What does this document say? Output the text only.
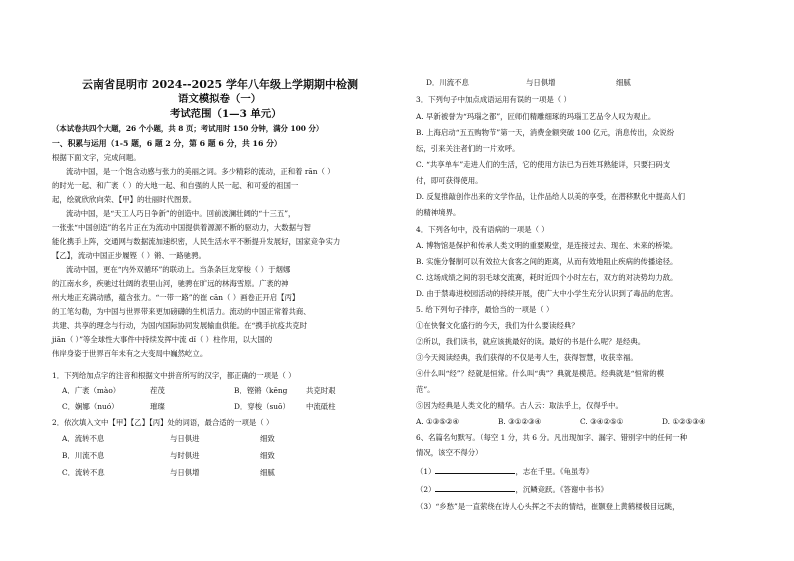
云南省昆明市 2024--2025 学年八年级上学期期中检测
语文模拟卷（一）
考试范围（1—3 单元）
（本试卷共四个大题，26 个小题，共 8 页；考试用时 150 分钟，满分 100 分）
一、积累与运用（1-5 题，6 题 2 分，第 6 题 6 分，共 16 分）
根据下面文字，完成问题。
流动中国，是一个饱含动感与张力的美丽之词。多少精彩的流动，正和着 rān（ ）
的时光一起、和广袤（ ）的大地一起、和自强的人民一起、和可爱的祖国一
起，绘就欣欣向荣、【甲】的壮丽时代图景。
流动中国，是“天工人巧日争新”的创造中。回前波澜壮阔的“十三五”，
一张张“中国创造”的名片正在为流动中国提供着源源不断的驱动力，大数据与智
能化携手上阵，交通网与数据流加速织密，人民生活水平不断提升发展好，国家竞争实力
【乙】，流动中国正步履铿（ ）锵、一路驰骋。
流动中国，更在“内外双循环”的联动上。当条条巨龙穿梭（ ）于烟娜
的江南水乡，疾驰过壮阔的表里山河，驰骋在旷远的林海雪原。广袤的神
州大地正充满动感，蕴含张力。“一带一路”的崔 cān（ ）画卷正开启【丙】
的工笔勾勒，为中国与世界带来更加磅礴的生机活力。流动的中国正常着共商、
共建、共享的理念与行动，为国内国际协同发展输血供能。在“携手抗疫共克时
jiān（ ）”等全球性大事件中持续发挥中流 dǐ（ ）柱作用，以大国的
伟岸身姿于世界百年未有之大变局中巍然屹立。
1．下列给加点字的注音和根据文中拼音所写的汉字，都正确的一项是（ ）
A．广袤（mào）	茬茂	B．铿锵（kēng	共克时艰
C．娴娜（nuó）	璀璨	D．穿梭（suō） 中流砥柱
2．依次填入文中【甲】【乙】【丙】处的词语，最合适的一项是（ ）
A．流转不息	与日俱进	细致
B．川流不息	与时俱进	细致
C．流转不息	与日俱增	细腻
D．川流不息	与日俱增	细腻
3．下列句子中加点成语运用有误的一项是（ ）
A. 早新被誉为“玛瑙之都”，匠师们精雕细琢的玛瑙工艺品令人叹为观止。
B. 上海启动“五五购物节”第一天，消费金额突破 100 亿元，消息传出，众说纷
纭，引来关注者们的一片欢呼。
C. “共享单车”走进人们的生活，它的使用方法已为百姓耳熟能详，只要扫码支
付，即可获得使用。
D. 反复推敲创作出来的文学作品，让作品给人以美的享受，在潜移默化中提高人们
的精神境界。
4．下列各句中，没有语病的一项是（ ）
A. 博物馆是保护和传承人类文明的重要殿堂，是连接过去、现在、未来的桥梁。
B. 实施分餐制可以有效拉大食客之间的距离，从而有效地阻止疾病的传播途径。
C. 这场成绩之间的羽毛球交流赛，耗时近四个小时左右，双方的对决势均力敌。
D. 由于禁毒进校园活动的持续开展，使广大中小学生充分认识到了毒品的危害。
5. 给下列句子排序，最恰当的一项是（ ）
①在快餐文化盛行的今天，我们为什么要读经典？
②所以，我们读书，就应该挑最好的读。最好的书是什么呢？是经典。
③今天阅读经典，我们获得的不仅是考人生，获得智慧，收获幸福。
④什么叫“经”？经就是恒常。什么叫“典”？典就是模范。经典就是“恒常的模
范”。
⑤因为经典是人类文化的精华。古人云：取法乎上，仅得乎中。
A. ①③⑤②④	B. ③①②③④	C. ③④②⑤①	D. ①②⑤③④
6、名篇名句默写。（每空 1 分，共 6 分。凡出现加字、漏字、错别字中的任何一种
情况，该空不得分）
（1）	，志在千里。《龟虽寿》
（2）	，沉鳞竞跃。《答谢中书书》
（3）“乡愁”是一直萦绕在诗人心头挥之不去的情结，崔颢登上黄鹤楼极目远眺，
